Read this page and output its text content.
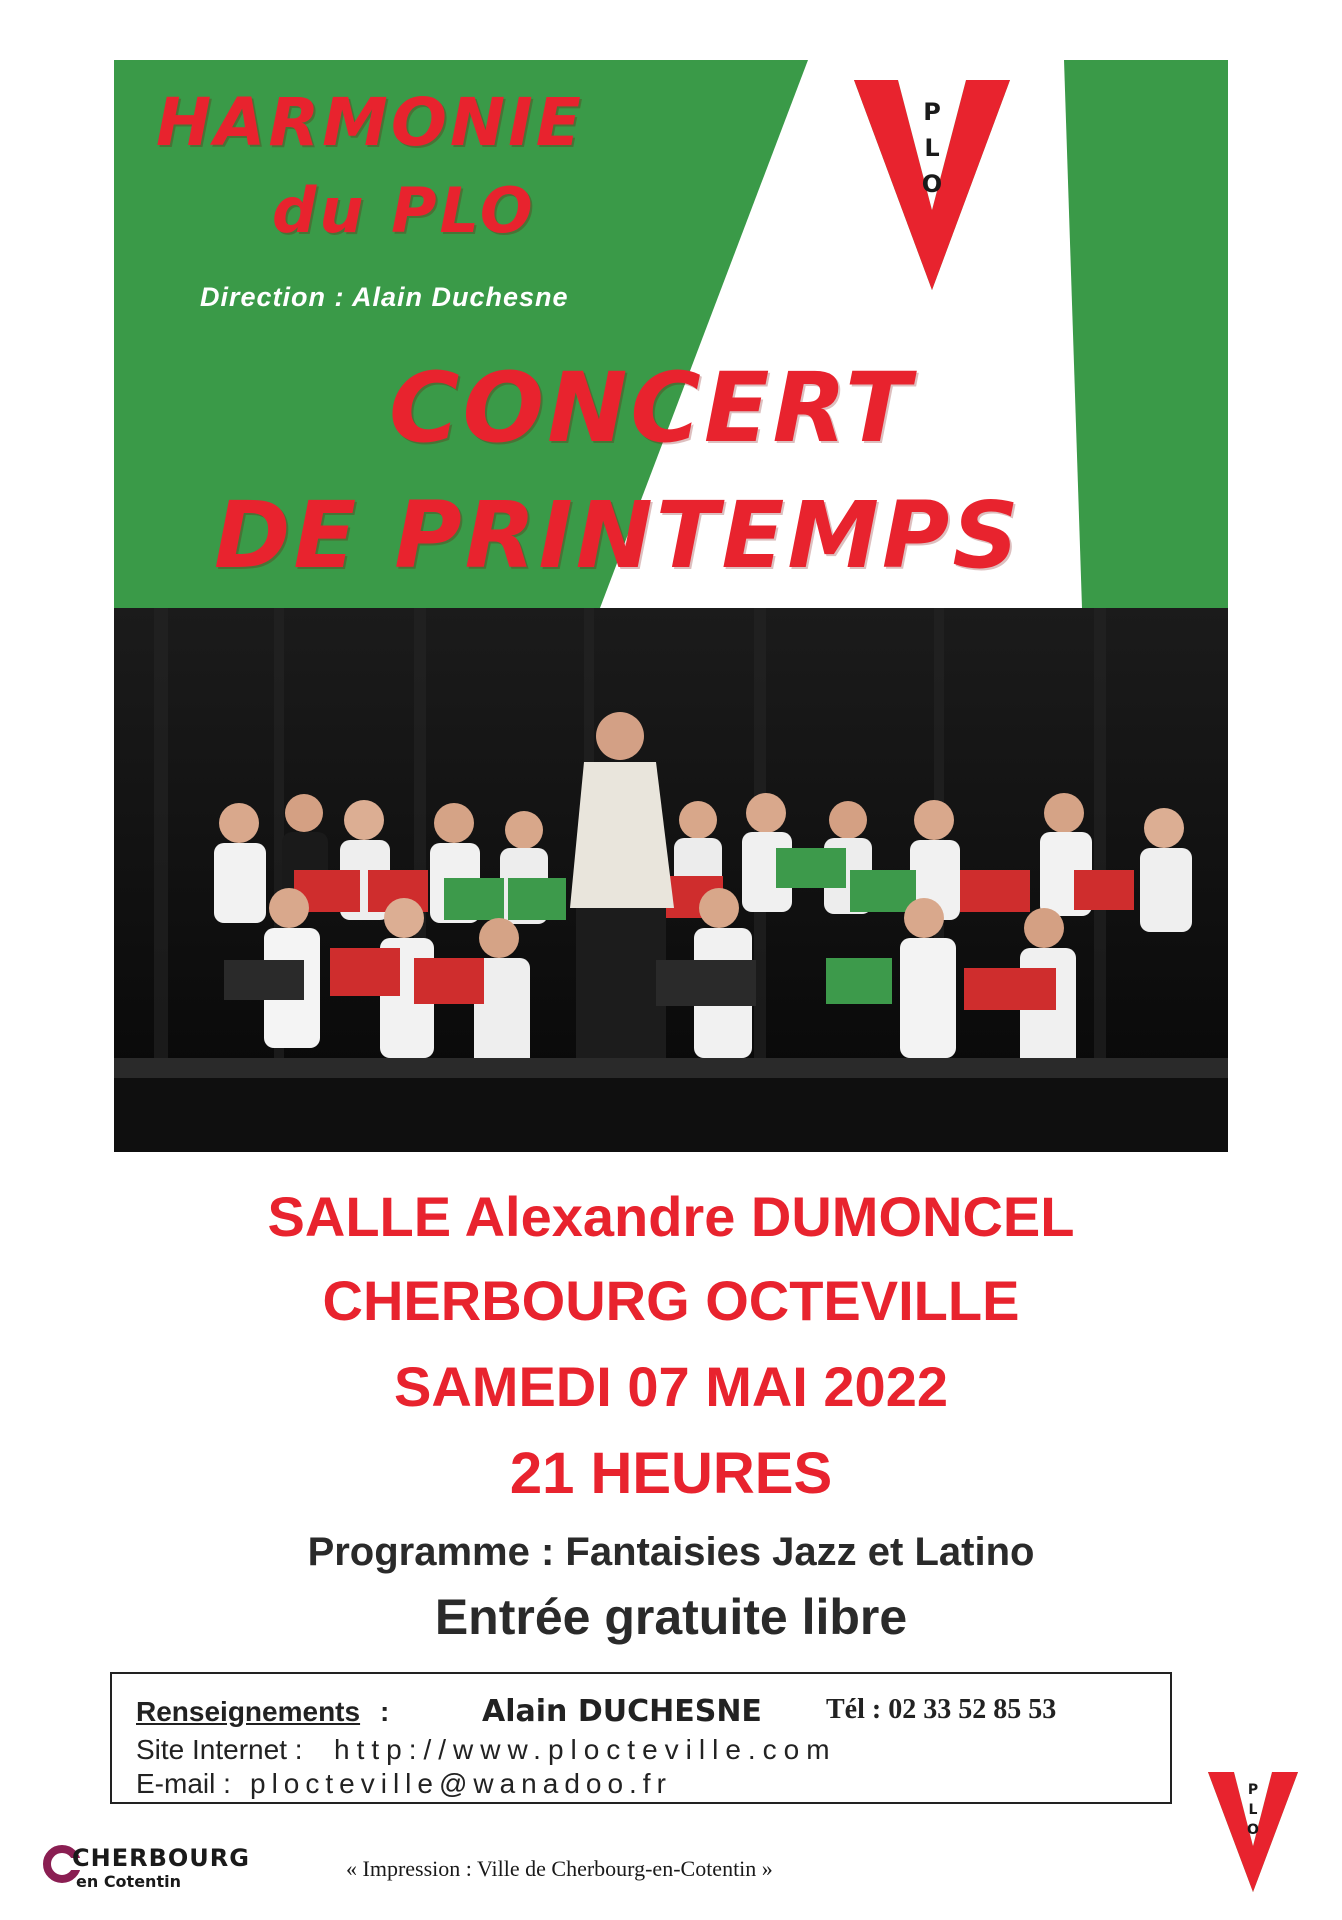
HARMONIE
du PLO
Direction : Alain Duchesne
CONCERT
DE PRINTEMPS
P
L
O
SALLE Alexandre DUMONCEL
CHERBOURG OCTEVILLE
SAMEDI 07 MAI 2022
21 HEURES
Programme : Fantaisies Jazz et Latino
Entrée gratuite libre
Renseignements :	Alain DUCHESNE Tél : 02 33 52 85 53
Site Internet : http://www.plocteville.com
E-mail : plocteville@wanadoo.fr
CHERBOURG
en Cotentin
« Impression : Ville de Cherbourg-en-Cotentin »
P
L
O
